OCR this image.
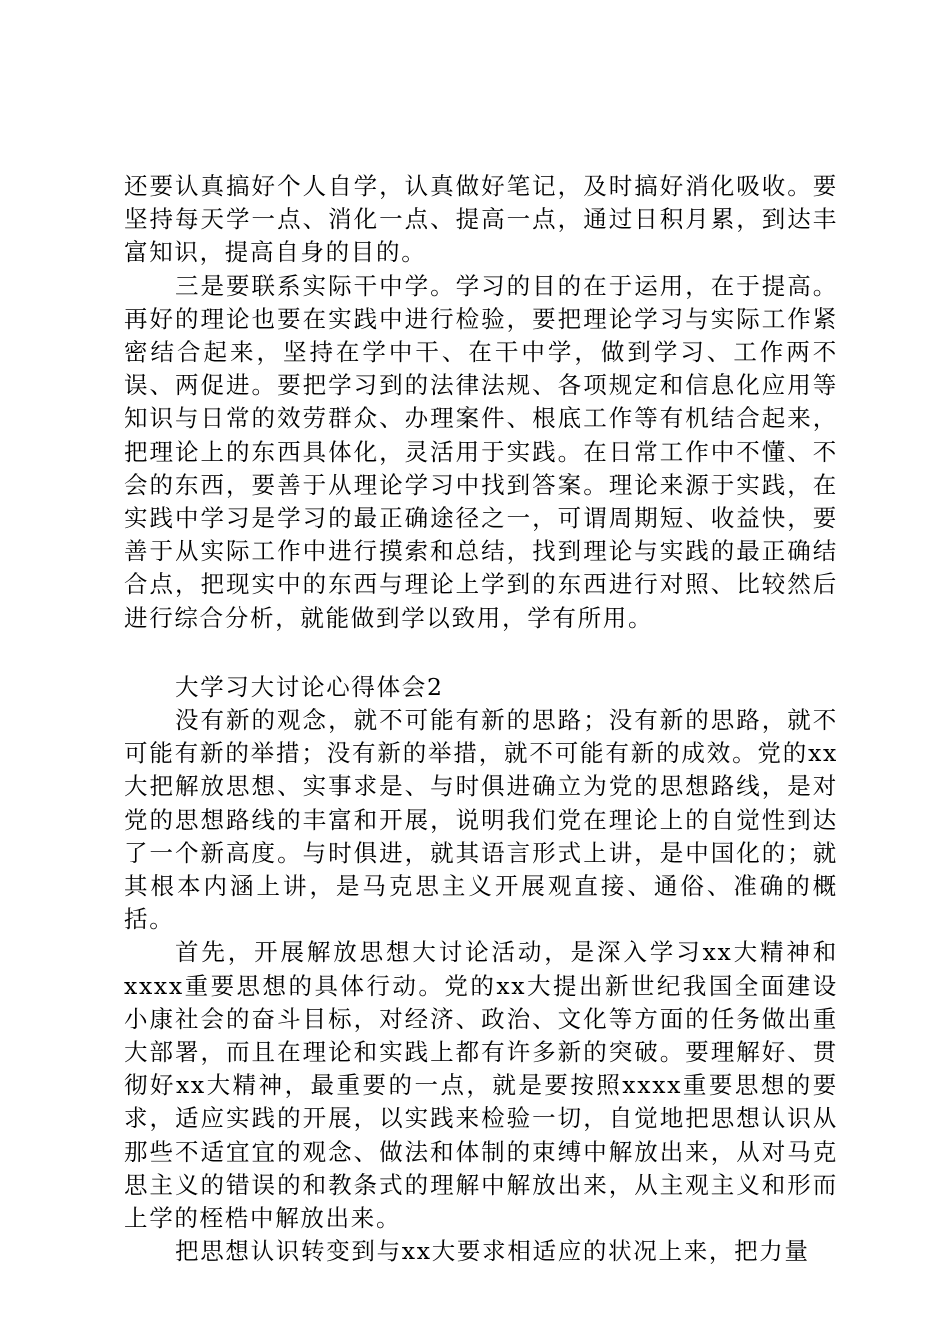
还要认真搞好个人自学，认真做好笔记，及时搞好消化吸收。要坚持每天学一点、消化一点、提高一点，通过日积月累，到达丰富知识，提高自身的目的。

三是要联系实际干中学。学习的目的在于运用，在于提高。再好的理论也要在实践中进行检验，要把理论学习与实际工作紧密结合起来，坚持在学中干、在干中学，做到学习、工作两不误、两促进。要把学习到的法律法规、各项规定和信息化应用等知识与日常的效劳群众、办理案件、根底工作等有机结合起来，把理论上的东西具体化，灵活用于实践。在日常工作中不懂、不会的东西，要善于从理论学习中找到答案。理论来源于实践，在实践中学习是学习的最正确途径之一，可谓周期短、收益快，要善于从实际工作中进行摸索和总结，找到理论与实践的最正确结合点，把现实中的东西与理论上学到的东西进行对照、比较然后进行综合分析，就能做到学以致用，学有所用。

大学习大讨论心得体会2

没有新的观念，就不可能有新的思路；没有新的思路，就不可能有新的举措；没有新的举措，就不可能有新的成效。党的xx大把解放思想、实事求是、与时俱进确立为党的思想路线，是对党的思想路线的丰富和开展，说明我们党在理论上的自觉性到达了一个新高度。与时俱进，就其语言形式上讲，是中国化的；就其根本内涵上讲，是马克思主义开展观直接、通俗、准确的概括。

首先，开展解放思想大讨论活动，是深入学习xx大精神和xxxx重要思想的具体行动。党的xx大提出新世纪我国全面建设小康社会的奋斗目标，对经济、政治、文化等方面的任务做出重大部署，而且在理论和实践上都有许多新的突破。要理解好、贯彻好xx大精神，最重要的一点，就是要按照xxxx重要思想的要求，适应实践的开展，以实践来检验一切，自觉地把思想认识从那些不适宜宜的观念、做法和体制的束缚中解放出来，从对马克思主义的错误的和教条式的理解中解放出来，从主观主义和形而上学的桎梏中解放出来。

把思想认识转变到与xx大要求相适应的状况上来，把力量
